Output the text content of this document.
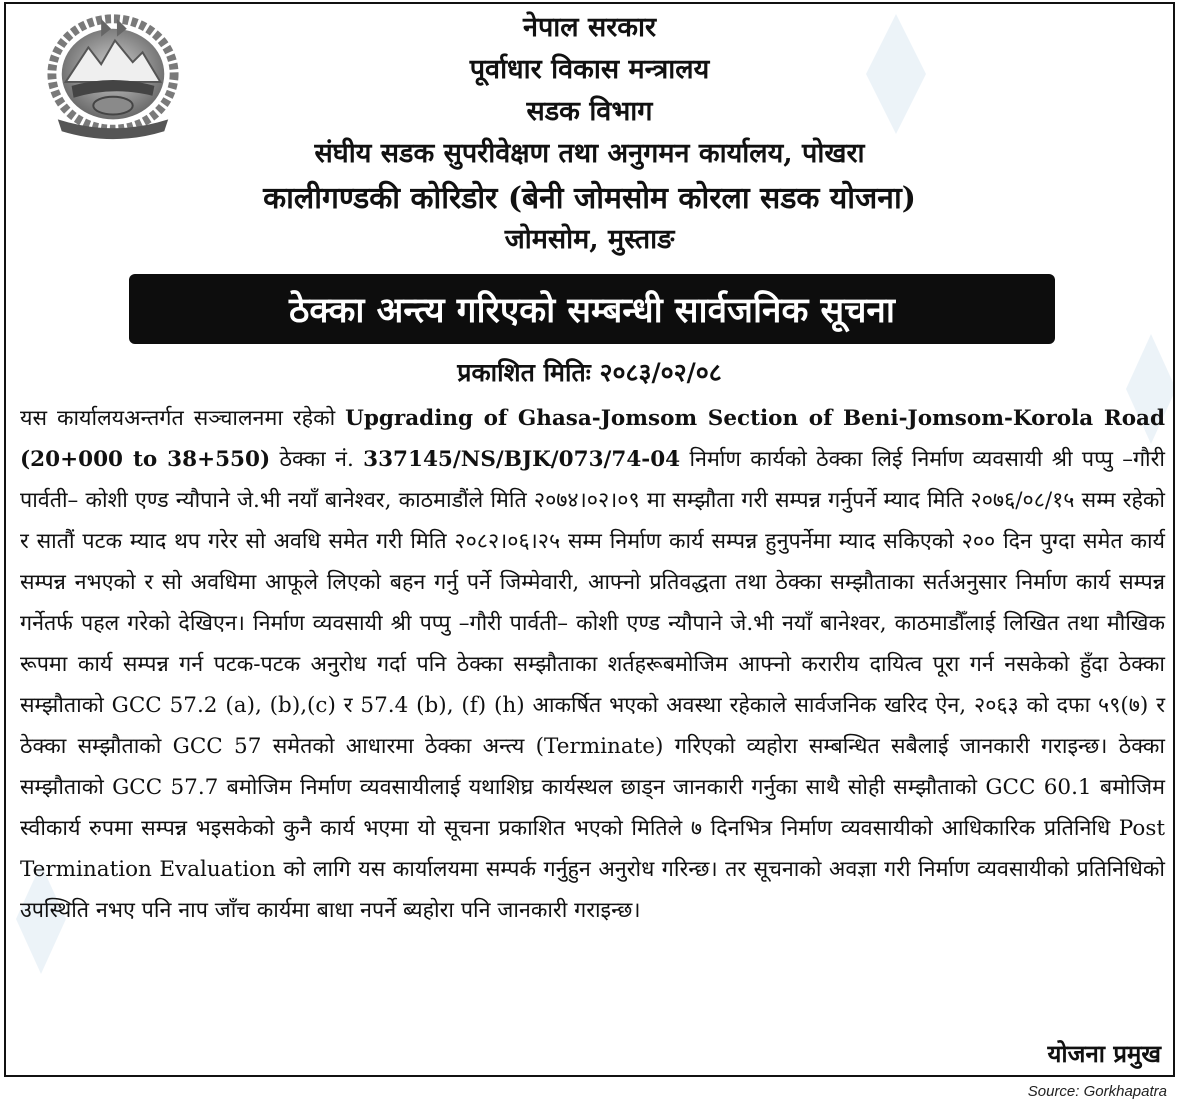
नेपाल सरकार

पूर्वाधार विकास मन्त्रालय

सडक विभाग

संघीय सडक सुपरीवेक्षण तथा अनुगमन कार्यालय, पोखरा

कालीगण्डकी कोरिडोर (बेनी जोमसोम कोरला सडक योजना)

जोमसोम, मुस्ताङ

ठेक्का अन्त्य गरिएको सम्बन्धी सार्वजनिक सूचना
प्रकाशित मितिः २०८३/०२/०८

यस कार्यालयअन्तर्गत सञ्चालनमा रहेको Upgrading of Ghasa-Jomsom Section of Beni-Jomsom-Korola Road (20+000 to 38+550) ठेक्का नं. 337145/NS/BJK/073/74-04 निर्माण कार्यको ठेक्का लिई निर्माण व्यवसायी श्री पप्पु –गौरी पार्वती– कोशी एण्ड न्यौपाने जे.भी नयाँ बानेश्वर, काठमाडौंले मिति २०७४।०२।०९ मा सम्झौता गरी सम्पन्न गर्नुपर्ने म्याद मिति २०७६/०८/१५ सम्म रहेको र सातौं पटक म्याद थप गरेर सो अवधि समेत गरी मिति २०८२।०६।२५ सम्म निर्माण कार्य सम्पन्न हुनुपर्नेमा म्याद सकिएको २०० दिन पुग्दा समेत कार्य सम्पन्न नभएको र सो अवधिमा आफूले लिएको बहन गर्नु पर्ने जिम्मेवारी, आफ्नो प्रतिवद्धता तथा ठेक्का सम्झौताका सर्तअनुसार निर्माण कार्य सम्पन्न गर्नेतर्फ पहल गरेको देखिएन। निर्माण व्यवसायी श्री पप्पु –गौरी पार्वती– कोशी एण्ड न्यौपाने जे.भी नयाँ बानेश्वर, काठमाडौँलाई लिखित तथा मौखिक रूपमा कार्य सम्पन्न गर्न पटक-पटक अनुरोध गर्दा पनि ठेक्का सम्झौताका शर्तहरूबमोजिम आफ्नो करारीय दायित्व पूरा गर्न नसकेको हुँदा ठेक्का सम्झौताको GCC 57.2 (a), (b),(c) र 57.4 (b), (f) (h) आकर्षित भएको अवस्था रहेकाले सार्वजनिक खरिद ऐन, २०६३ को दफा ५९(७) र ठेक्का सम्झौताको GCC 57 समेतको आधारमा ठेक्का अन्त्य (Terminate) गरिएको व्यहोरा सम्बन्धित सबैलाई जानकारी गराइन्छ। ठेक्का सम्झौताको GCC 57.7 बमोजिम निर्माण व्यवसायीलाई यथाशिघ्र कार्यस्थल छाड्न जानकारी गर्नुका साथै सोही सम्झौताको GCC 60.1 बमोजिम स्वीकार्य रुपमा सम्पन्न भइसकेको कुनै कार्य भएमा यो सूचना प्रकाशित भएको मितिले ७ दिनभित्र निर्माण व्यवसायीको आधिकारिक प्रतिनिधि Post Termination Evaluation को लागि यस कार्यालयमा सम्पर्क गर्नुहुन अनुरोध गरिन्छ। तर सूचनाको अवज्ञा गरी निर्माण व्यवसायीको प्रतिनिधिको उपस्थिति नभए पनि नाप जाँच कार्यमा बाधा नपर्ने ब्यहोरा पनि जानकारी गराइन्छ।

योजना प्रमुख
Source: Gorkhapatra
